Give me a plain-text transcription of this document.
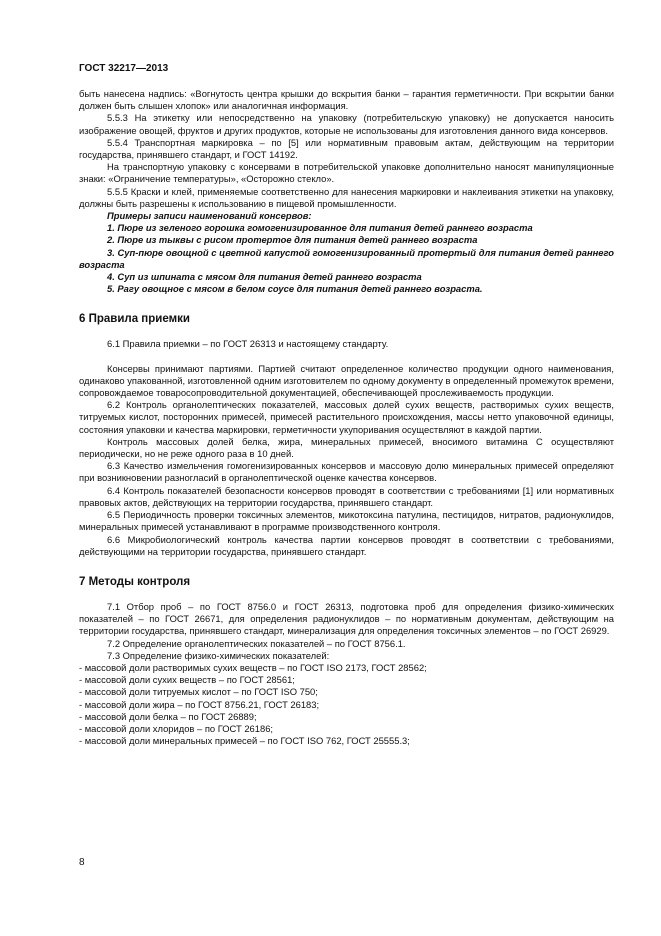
ГОСТ 32217—2013

быть нанесена надпись: «Вогнутость центра крышки до вскрытия банки – гарантия герметичности. При вскрытии банки должен быть слышен хлопок» или аналогичная информация.

5.5.3 На этикетку или непосредственно на упаковку (потребительскую упаковку) не допускается наносить изображение овощей, фруктов и других продуктов, которые не использованы для изготовления данного вида консервов.

5.5.4 Транспортная маркировка – по [5] или нормативным правовым актам, действующим на территории государства, принявшего стандарт, и ГОСТ 14192.

На транспортную упаковку с консервами в потребительской упаковке дополнительно наносят манипуляционные знаки: «Ограничение температуры», «Осторожно стекло».

5.5.5 Краски и клей, применяемые соответственно для нанесения маркировки и наклеивания этикетки на упаковку, должны быть разрешены к использованию в пищевой промышленности.

Примеры записи наименований консервов:

1. Пюре из зеленого горошка гомогенизированное для питания детей раннего возраста

2. Пюре из тыквы с рисом протертое для питания детей раннего возраста

3. Суп-пюре овощной с цветной капустой гомогенизированный протертый для питания детей раннего возраста

4. Суп из шпината с мясом для питания детей раннего возраста

5. Рагу овощное с мясом в белом соусе для питания детей раннего возраста.

6 Правила приемки

6.1 Правила приемки – по ГОСТ 26313 и настоящему стандарту.

Консервы принимают партиями. Партией считают определенное количество продукции одного наименования, одинаково упакованной, изготовленной одним изготовителем по одному документу в определенный промежуток времени, сопровождаемое товаросопроводительной документацией, обеспечивающей прослеживаемость продукции.

6.2 Контроль органолептических показателей, массовых долей сухих веществ, растворимых сухих веществ, титруемых кислот, посторонних примесей, примесей растительного происхождения, массы нетто упаковочной единицы, состояния упаковки и качества маркировки, герметичности укупоривания осуществляют в каждой партии.

Контроль массовых долей белка, жира, минеральных примесей, вносимого витамина С осуществляют периодически, но не реже одного раза в 10 дней.

6.3 Качество измельчения гомогенизированных консервов и массовую долю минеральных примесей определяют при возникновении разногласий в органолептической оценке качества консервов.

6.4 Контроль показателей безопасности консервов проводят в соответствии с требованиями [1] или нормативных правовых актов, действующих на территории государства, принявшего стандарт.

6.5 Периодичность проверки токсичных элементов, микотоксина патулина, пестицидов, нитратов, радионуклидов, минеральных примесей устанавливают в программе производственного контроля.

6.6 Микробиологический контроль качества партии консервов проводят в соответствии с требованиями, действующими на территории государства, принявшего стандарт.

7 Методы контроля

7.1 Отбор проб – по ГОСТ 8756.0 и ГОСТ 26313, подготовка проб для определения физико-химических показателей – по ГОСТ 26671, для определения радионуклидов – по нормативным документам, действующим на территории государства, принявшего стандарт, минерализация для определения токсичных элементов – по ГОСТ 26929.

7.2 Определение органолептических показателей – по ГОСТ 8756.1.

7.3 Определение физико-химических показателей:

- массовой доли растворимых сухих веществ – по ГОСТ ISO 2173, ГОСТ 28562;

- массовой доли сухих веществ – по ГОСТ 28561;

- массовой доли титруемых кислот – по ГОСТ ISO 750;

- массовой доли жира – по ГОСТ 8756.21, ГОСТ 26183;

- массовой доли белка – по ГОСТ 26889;

- массовой доли хлоридов – по ГОСТ 26186;

- массовой доли минеральных примесей – по ГОСТ ISO 762, ГОСТ 25555.3;

8
